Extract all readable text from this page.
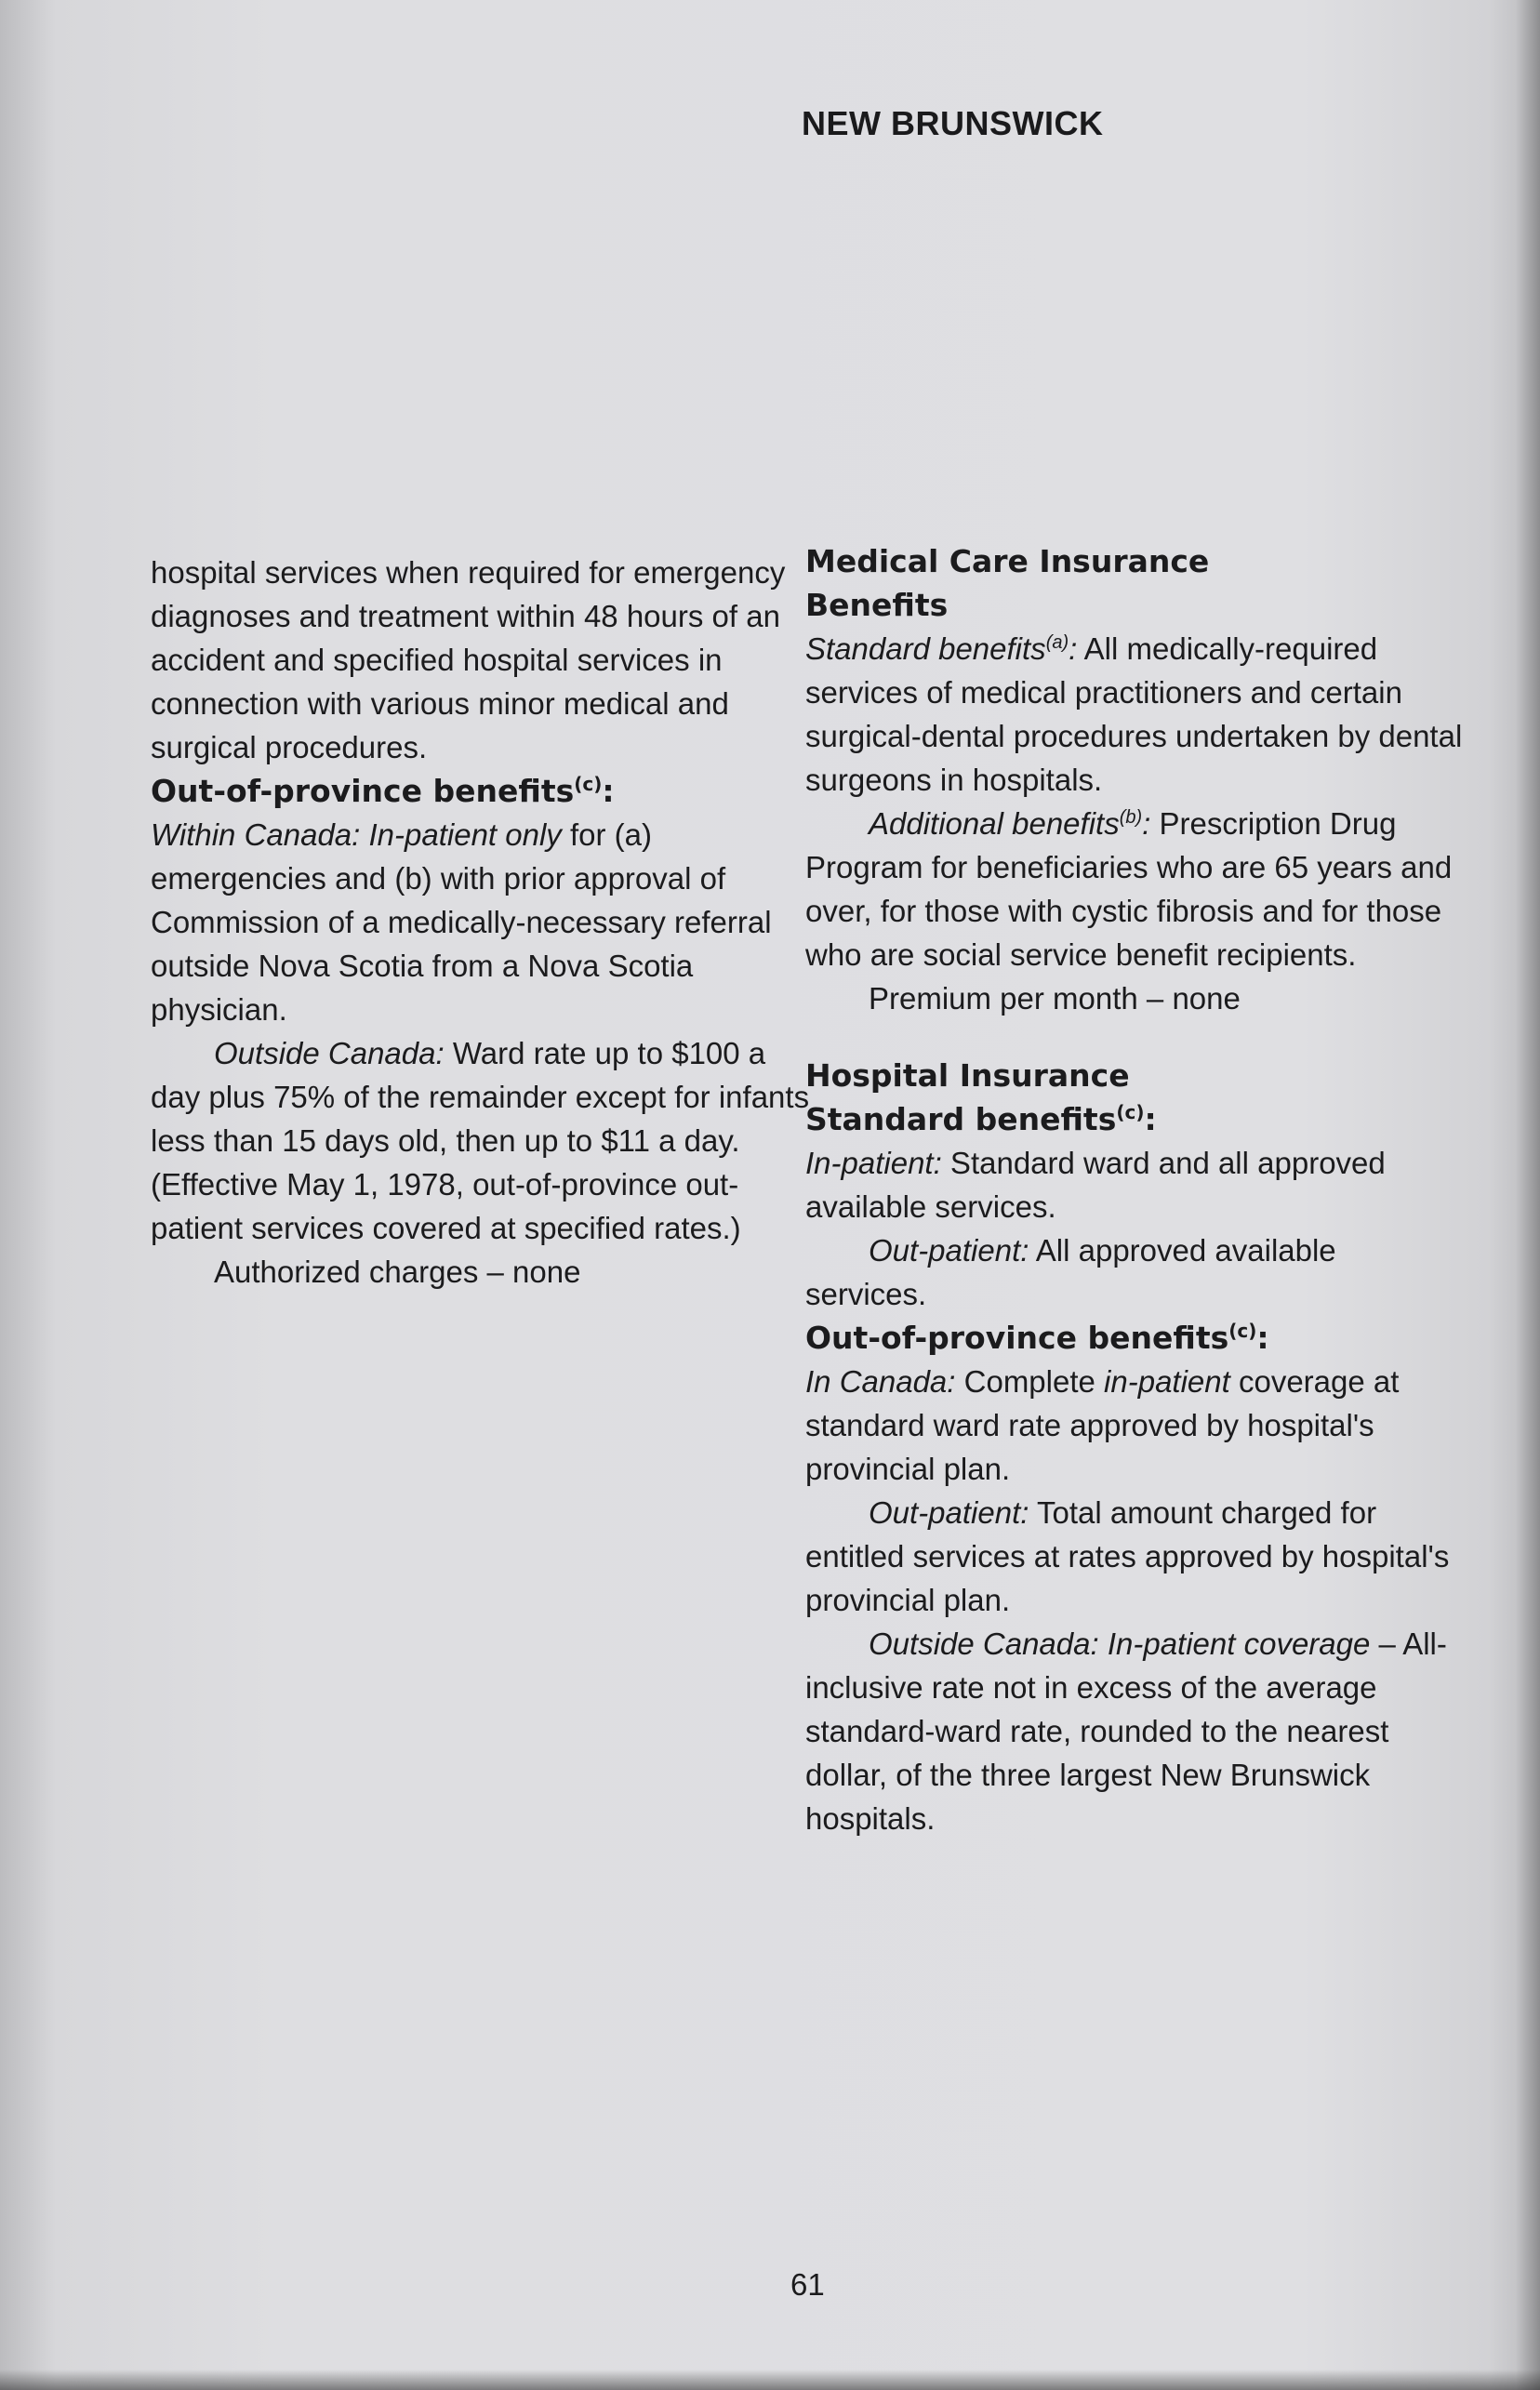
NEW BRUNSWICK

hospital services when required for emergency diagnoses and treatment within 48 hours of an accident and specified hospital services in connection with various minor medical and surgical procedures.

Out-of-province benefits$^{(c)}$:

Within Canada: In-patient only for (a) emergencies and (b) with prior approval of Commission of a medically-necessary referral outside Nova Scotia from a Nova Scotia physician.

Outside Canada: Ward rate up to $100 a day plus 75% of the remainder except for infants less than 15 days old, then up to $11 a day. (Effective May 1, 1978, out-of-province out-patient services covered at specified rates.)

Authorized charges – none

Medical Care Insurance
Benefits

Standard benefits$^{(a)}$: All medically-required services of medical practitioners and certain surgical-dental procedures undertaken by dental surgeons in hospitals.

Additional benefits$^{(b)}$: Prescription Drug Program for beneficiaries who are 65 years and over, for those with cystic fibrosis and for those who are social service benefit recipients.

Premium per month – none

Hospital Insurance
Standard benefits$^{(c)}$:

In-patient: Standard ward and all approved available services.

Out-patient: All approved available services.

Out-of-province benefits$^{(c)}$:

In Canada: Complete in-patient coverage at standard ward rate approved by hospital's provincial plan.

Out-patient: Total amount charged for entitled services at rates approved by hospital's provincial plan.

Outside Canada: In-patient coverage – All-inclusive rate not in excess of the average standard-ward rate, rounded to the nearest dollar, of the three largest New Brunswick hospitals.

61
